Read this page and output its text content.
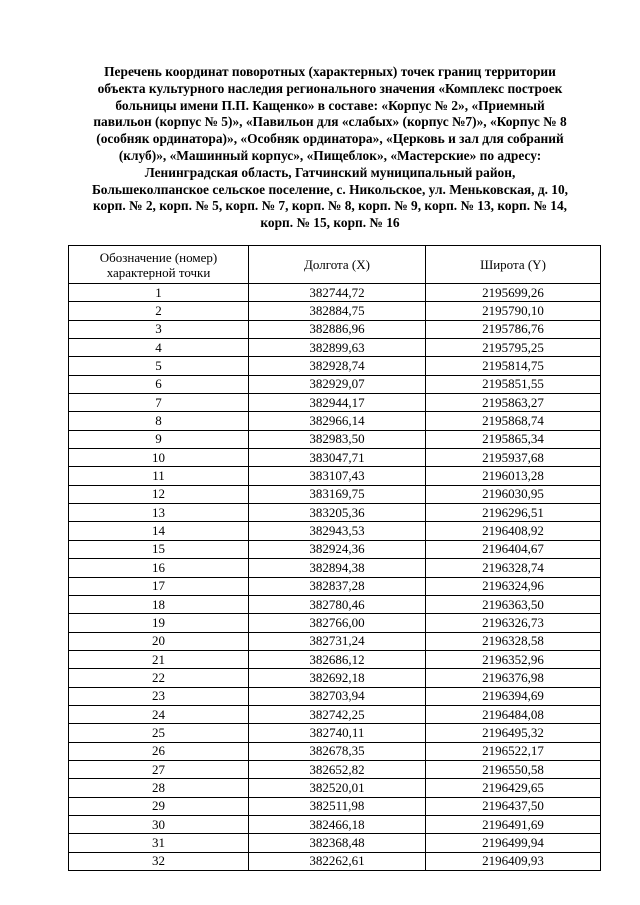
Перечень координат поворотных (характерных) точек границ территории
объекта культурного наследия регионального значения «Комплекс построек
больницы имени П.П. Кащенко» в составе: «Корпус № 2», «Приемный
павильон (корпус № 5)», «Павильон для «слабых» (корпус №7)», «Корпус № 8
(особняк ординатора)», «Особняк ординатора», «Церковь и зал для собраний
(клуб)», «Машинный корпус», «Пищеблок», «Мастерские» по адресу:
Ленинградская область, Гатчинский муниципальный район,
Большеколпанское сельское поселение, с. Никольское, ул. Меньковская, д. 10,
корп. № 2, корп. № 5, корп. № 7, корп. № 8, корп. № 9, корп. № 13, корп. № 14,
корп. № 15, корп. № 16
Обозначение (номер) характерной точки	Долгота (X)	Широта (Y)
1	382744,72	2195699,26
2	382884,75	2195790,10
3	382886,96	2195786,76
4	382899,63	2195795,25
5	382928,74	2195814,75
6	382929,07	2195851,55
7	382944,17	2195863,27
8	382966,14	2195868,74
9	382983,50	2195865,34
10	383047,71	2195937,68
11	383107,43	2196013,28
12	383169,75	2196030,95
13	383205,36	2196296,51
14	382943,53	2196408,92
15	382924,36	2196404,67
16	382894,38	2196328,74
17	382837,28	2196324,96
18	382780,46	2196363,50
19	382766,00	2196326,73
20	382731,24	2196328,58
21	382686,12	2196352,96
22	382692,18	2196376,98
23	382703,94	2196394,69
24	382742,25	2196484,08
25	382740,11	2196495,32
26	382678,35	2196522,17
27	382652,82	2196550,58
28	382520,01	2196429,65
29	382511,98	2196437,50
30	382466,18	2196491,69
31	382368,48	2196499,94
32	382262,61	2196409,93
